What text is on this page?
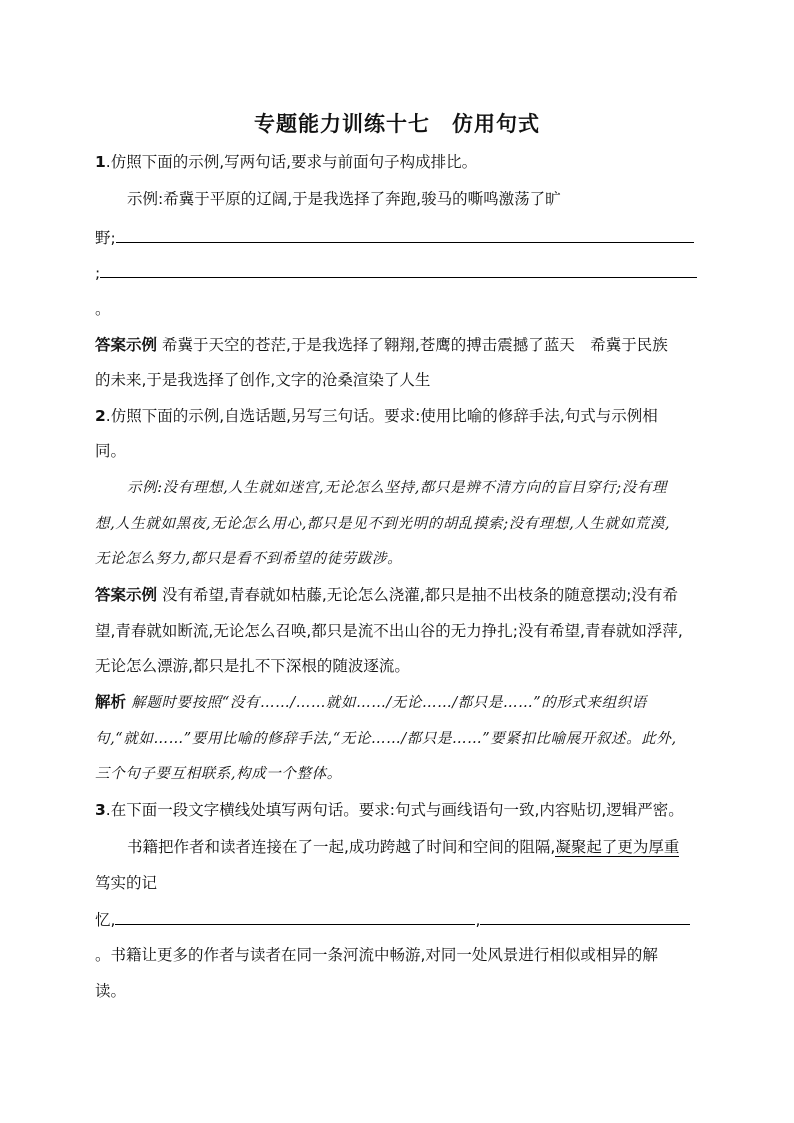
专题能力训练十七　仿用句式
1.仿照下面的示例,写两句话,要求与前面句子构成排比。
示例:希冀于平原的辽阔,于是我选择了奔跑,骏马的嘶鸣激荡了旷
野;
;
。
答案示例 希冀于天空的苍茫,于是我选择了翱翔,苍鹰的搏击震撼了蓝天　希冀于民族
的未来,于是我选择了创作,文字的沧桑渲染了人生
2.仿照下面的示例,自选话题,另写三句话。要求:使用比喻的修辞手法,句式与示例相
同。
示例:没有理想,人生就如迷宫,无论怎么坚持,都只是辨不清方向的盲目穿行;没有理
想,人生就如黑夜,无论怎么用心,都只是见不到光明的胡乱摸索;没有理想,人生就如荒漠,
无论怎么努力,都只是看不到希望的徒劳跋涉。
答案示例 没有希望,青春就如枯藤,无论怎么浇灌,都只是抽不出枝条的随意摆动;没有希
望,青春就如断流,无论怎么召唤,都只是流不出山谷的无力挣扎;没有希望,青春就如浮萍,
无论怎么漂游,都只是扎不下深根的随波逐流。
解析 解题时要按照“没有……/……就如……/无论……/都只是……”的形式来组织语
句,“就如……”要用比喻的修辞手法,“无论……/都只是……”要紧扣比喻展开叙述。此外,
三个句子要互相联系,构成一个整体。
3.在下面一段文字横线处填写两句话。要求:句式与画线语句一致,内容贴切,逻辑严密。
书籍把作者和读者连接在了一起,成功跨越了时间和空间的阻隔,凝聚起了更为厚重
笃实的记
忆,	,
。书籍让更多的作者与读者在同一条河流中畅游,对同一处风景进行相似或相异的解
读。
